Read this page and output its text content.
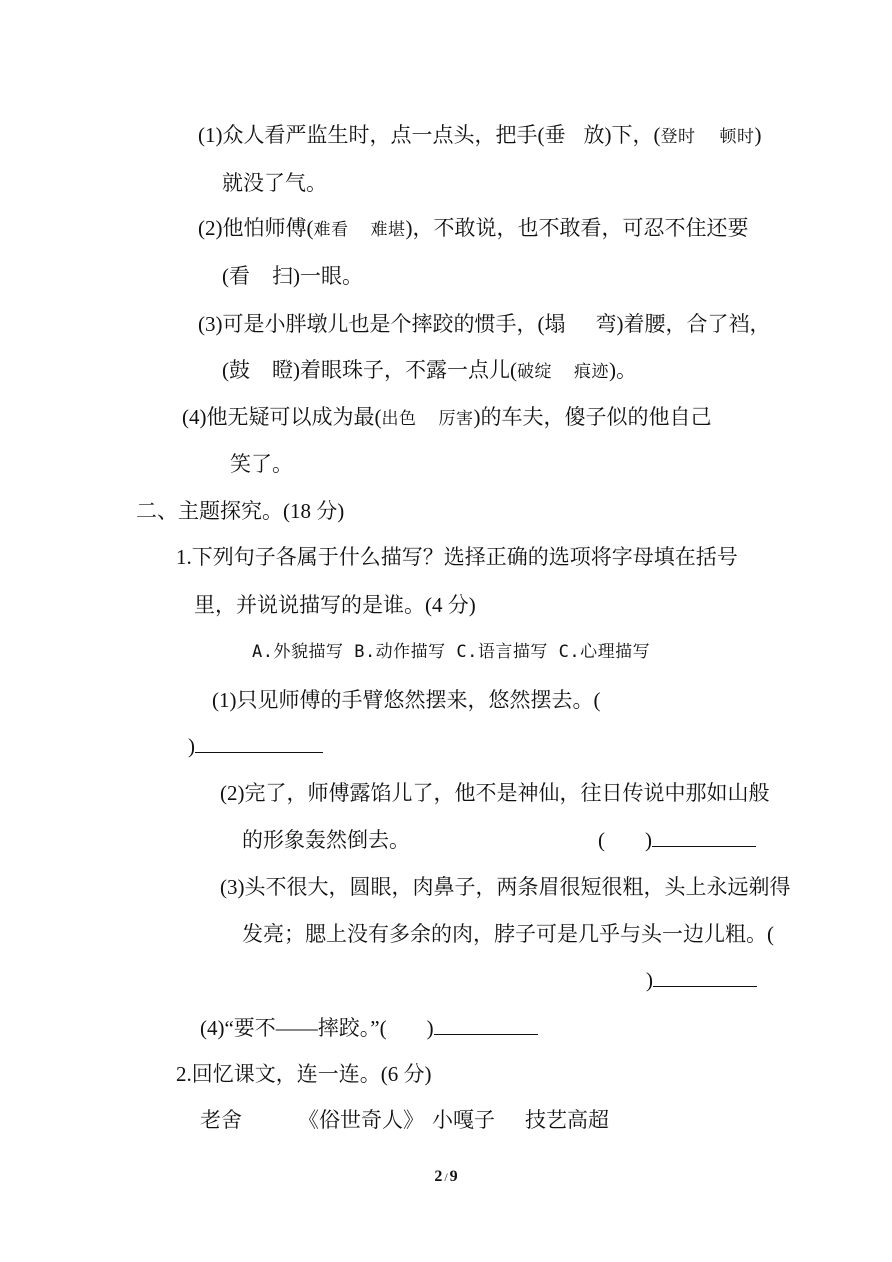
(1)众人看严监生时，点一点头，把手(垂 放)下，(登时 顿时)
就没了气。
(2)他怕师傅(难看 难堪)，不敢说，也不敢看，可忍不住还要
(看 扫)一眼。
(3)可是小胖墩儿也是个摔跤的惯手，(塌 弯)着腰，合了裆，
(鼓 瞪)着眼珠子，不露一点儿(破绽 痕迹)。
(4)他无疑可以成为最(出色 厉害)的车夫，傻子似的他自己
笑了。
二、主题探究。(18 分)
1.下列句子各属于什么描写？选择正确的选项将字母填在括号
里，并说说描写的是谁。(4 分)
A.外貌描写 B.动作描写 C.语言描写 C.心理描写
(1)只见师傅的手臂悠然摆来，悠然摆去。(
)
(2)完了，师傅露馅儿了，他不是神仙，往日传说中那如山般
的形象轰然倒去。	( )
(3)头不很大，圆眼，肉鼻子，两条眉很短很粗，头上永远剃得
发亮；腮上没有多余的肉，脖子可是几乎与头一边儿粗。(
)
(4)“要不——摔跤。”( )
2.回忆课文，连一连。(6 分)
老舍	《俗世奇人》 小嘎子 技艺高超
2 / 9
